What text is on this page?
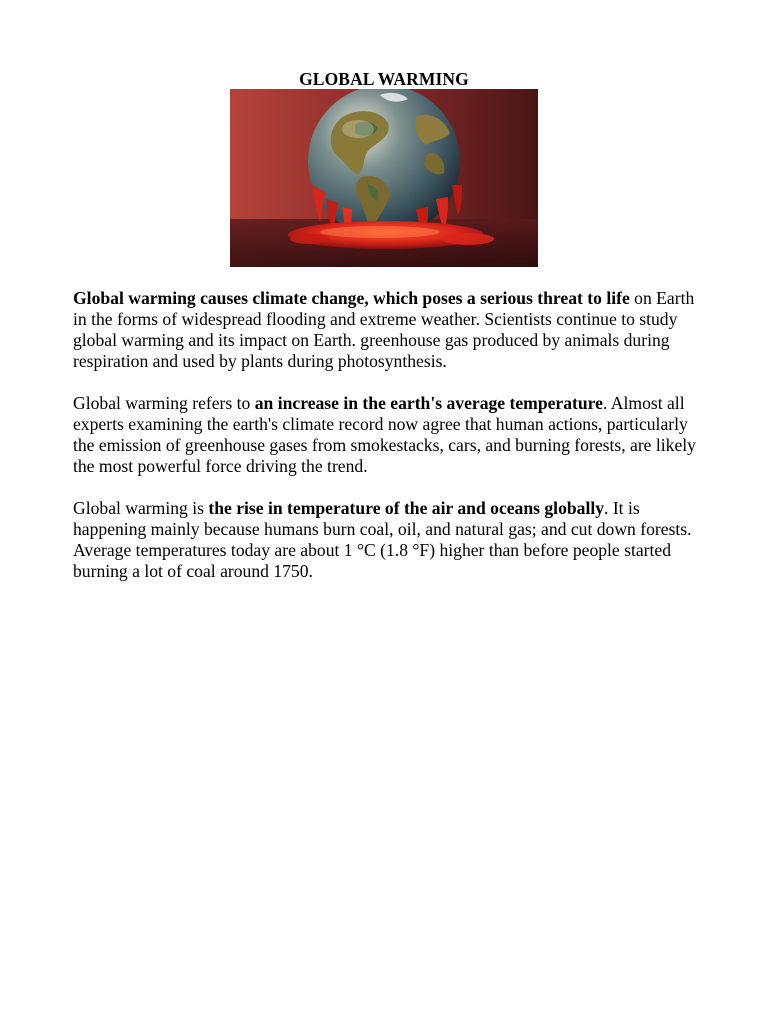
GLOBAL WARMING

Global warming causes climate change, which poses a serious threat to life on Earth in the forms of widespread flooding and extreme weather. Scientists continue to study global warming and its impact on Earth. greenhouse gas produced by animals during respiration and used by plants during photosynthesis.

Global warming refers to an increase in the earth's average temperature. Almost all experts examining the earth's climate record now agree that human actions, particularly the emission of greenhouse gases from smokestacks, cars, and burning forests, are likely the most powerful force driving the trend.

Global warming is the rise in temperature of the air and oceans globally. It is happening mainly because humans burn coal, oil, and natural gas; and cut down forests. Average temperatures today are about 1 °C (1.8 °F) higher than before people started burning a lot of coal around 1750.
